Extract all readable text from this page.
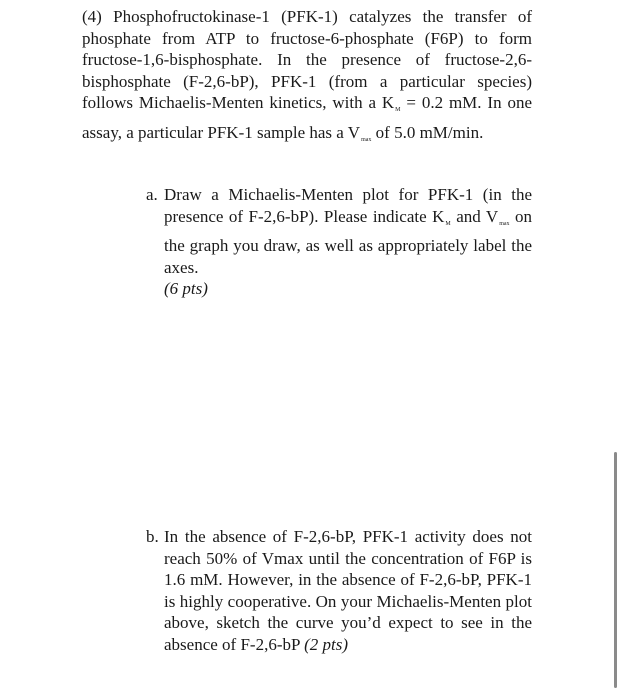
(4) Phosphofructokinase-1 (PFK-1) catalyzes the transfer of phosphate from ATP to fructose-6-phosphate (F6P) to form fructose-1,6-bisphosphate. In the presence of fructose-2,6-bisphosphate (F-2,6-bP), PFK-1 (from a particular species) follows Michaelis-Menten kinetics, with a $K_M = 0.2$ mM. In one assay, a particular PFK-1 sample has a $V_{max}$ of 5.0 mM/min.

a. Draw a Michaelis-Menten plot for PFK-1 (in the presence of F-2,6-bP). Please indicate $K_M$ and $V_{max}$ on the graph you draw, as well as appropriately label the axes.
(6 pts)

b. In the absence of F-2,6-bP, PFK-1 activity does not reach 50% of Vmax until the concentration of F6P is 1.6 mM. However, in the absence of F-2,6-bP, PFK-1 is highly cooperative. On your Michaelis-Menten plot above, sketch the curve you’d expect to see in the absence of F-2,6-bP (2 pts)
